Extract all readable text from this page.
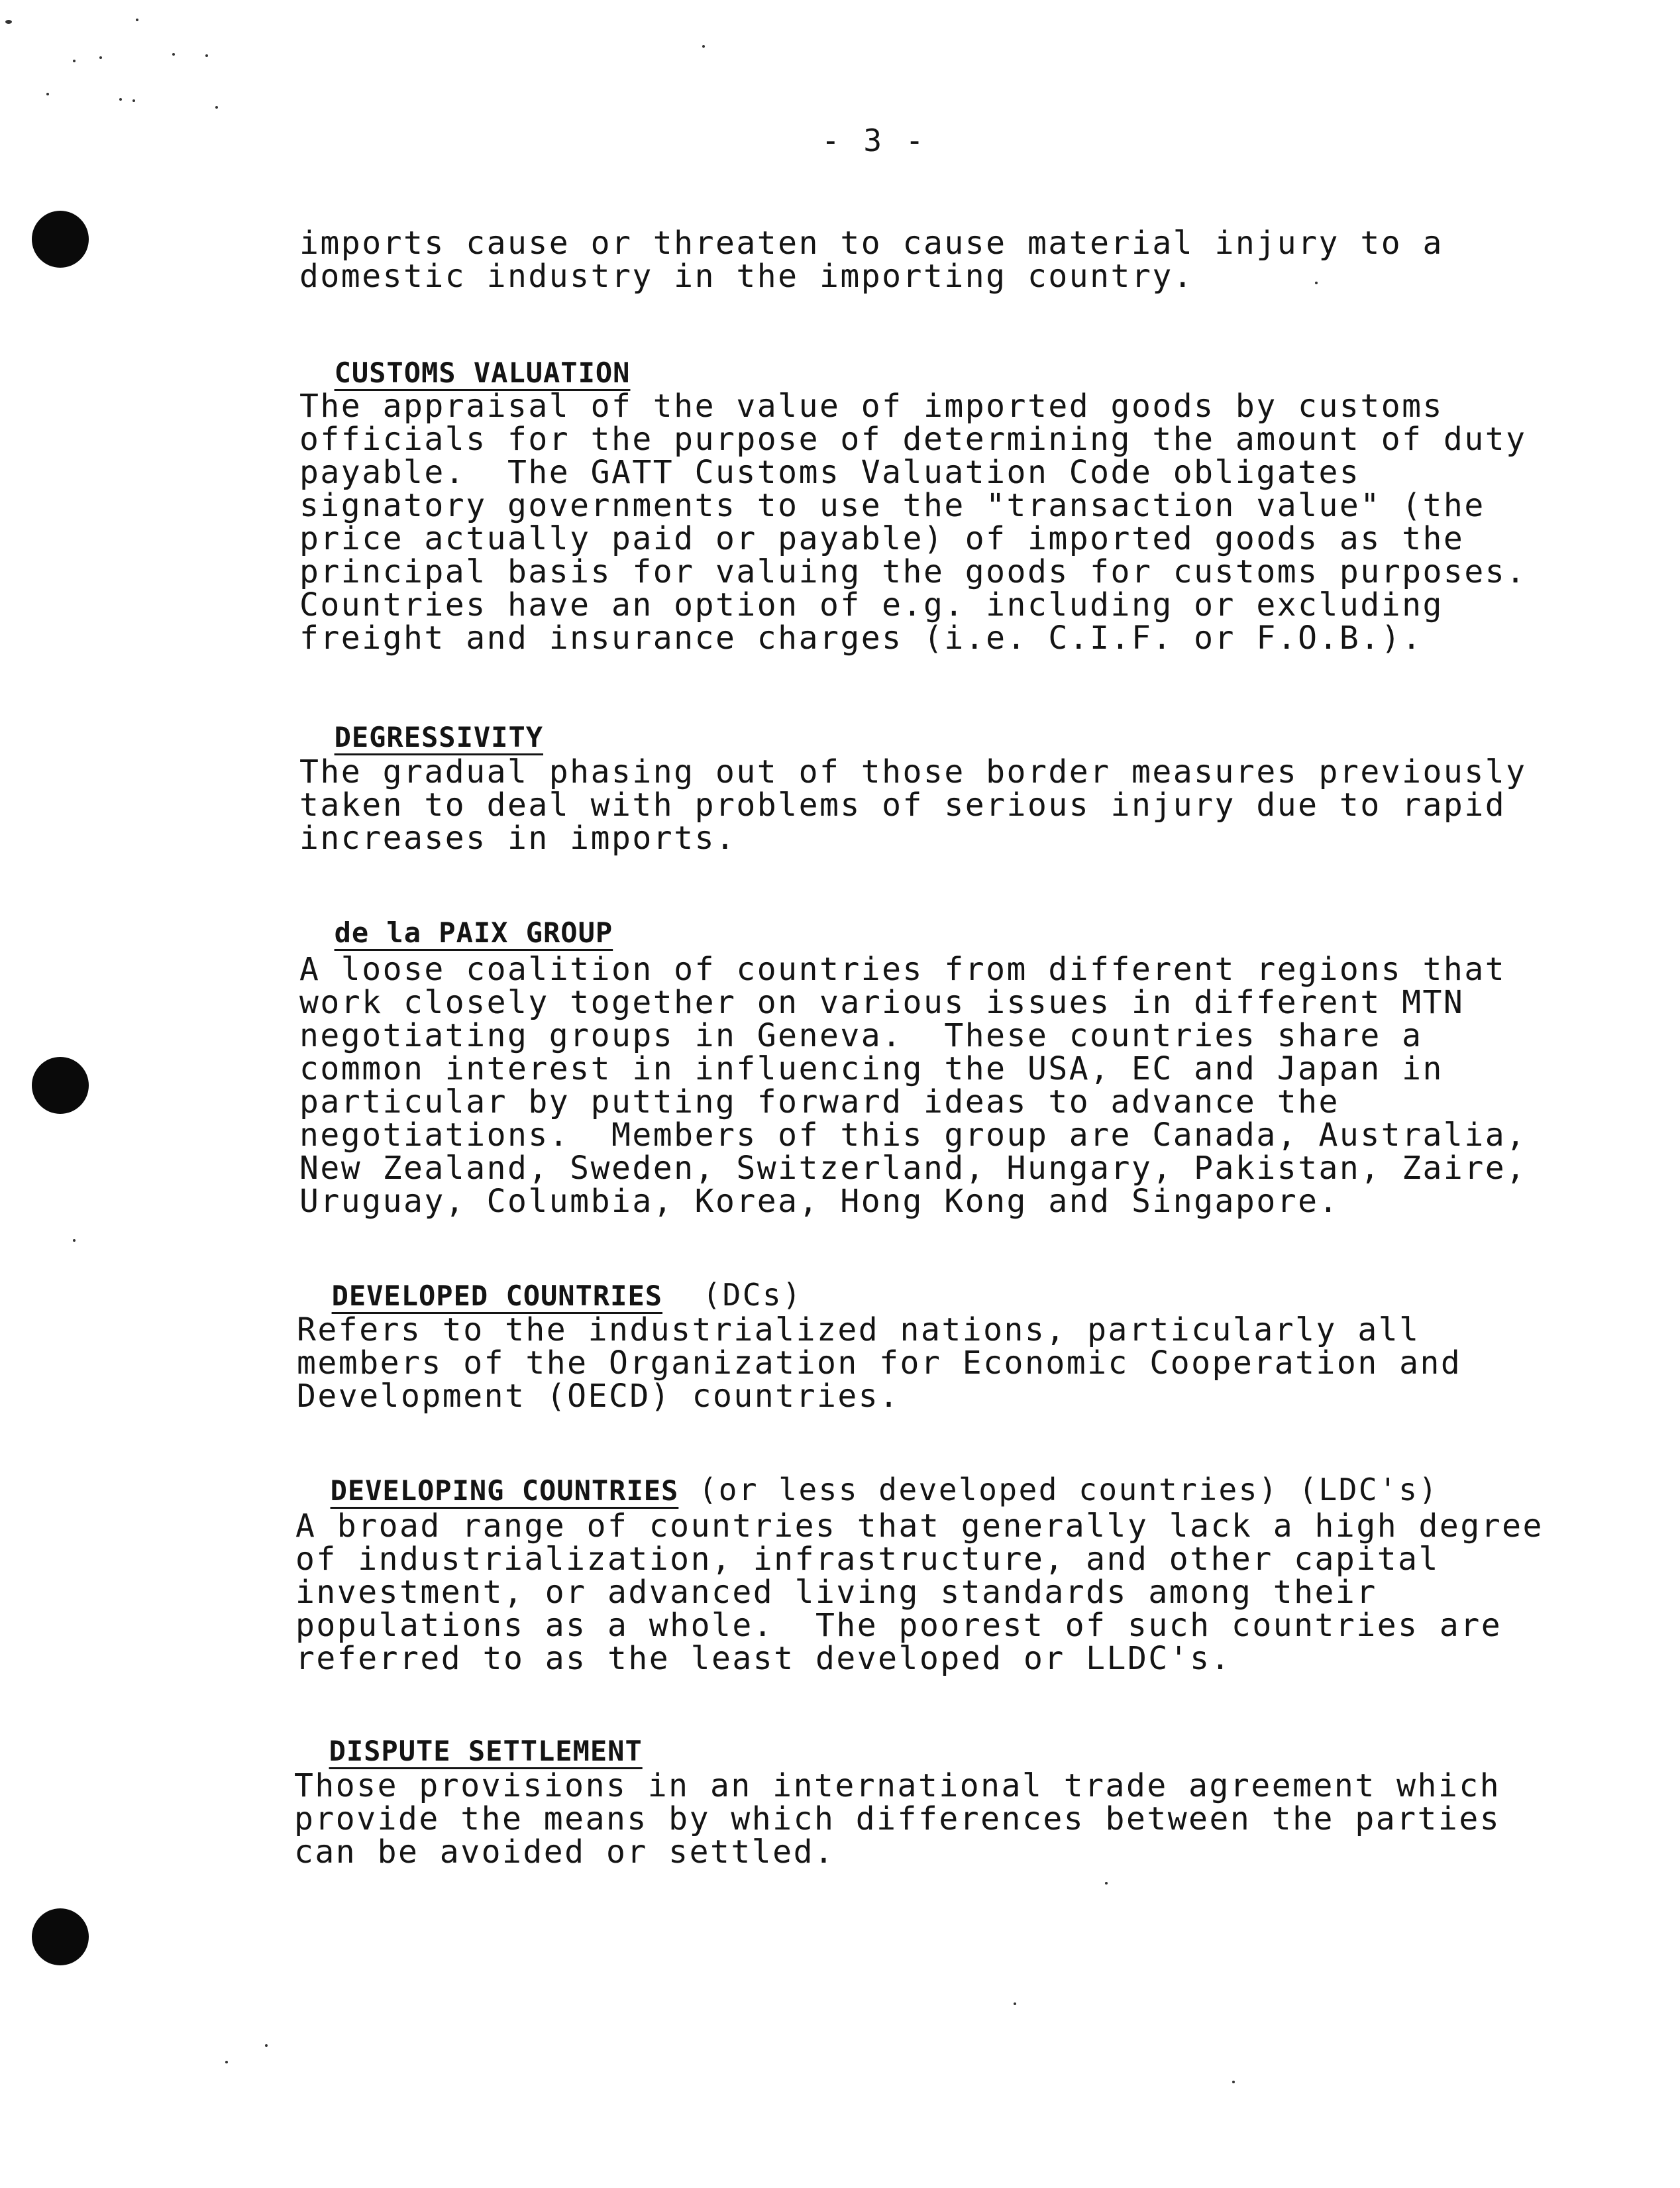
- 3 -

imports cause or threaten to cause material injury to a
domestic industry in the importing country.

CUSTOMS VALUATION

The appraisal of the value of imported goods by customs
officials for the purpose of determining the amount of duty
payable.  The GATT Customs Valuation Code obligates
signatory governments to use the "transaction value" (the
price actually paid or payable) of imported goods as the
principal basis for valuing the goods for customs purposes.
Countries have an option of e.g. including or excluding
freight and insurance charges (i.e. C.I.F. or F.O.B.).

DEGRESSIVITY

The gradual phasing out of those border measures previously
taken to deal with problems of serious injury due to rapid
increases in imports.

de la PAIX GROUP

A loose coalition of countries from different regions that
work closely together on various issues in different MTN
negotiating groups in Geneva.  These countries share a
common interest in influencing the USA, EC and Japan in
particular by putting forward ideas to advance the
negotiations.  Members of this group are Canada, Australia,
New Zealand, Sweden, Switzerland, Hungary, Pakistan, Zaire,
Uruguay, Columbia, Korea, Hong Kong and Singapore.

DEVELOPED COUNTRIES  (DCs)

Refers to the industrialized nations, particularly all
members of the Organization for Economic Cooperation and
Development (OECD) countries.

DEVELOPING COUNTRIES (or less developed countries) (LDC's)

A broad range of countries that generally lack a high degree
of industrialization, infrastructure, and other capital
investment, or advanced living standards among their
populations as a whole.  The poorest of such countries are
referred to as the least developed or LLDC's.

DISPUTE SETTLEMENT

Those provisions in an international trade agreement which
provide the means by which differences between the parties
can be avoided or settled.
